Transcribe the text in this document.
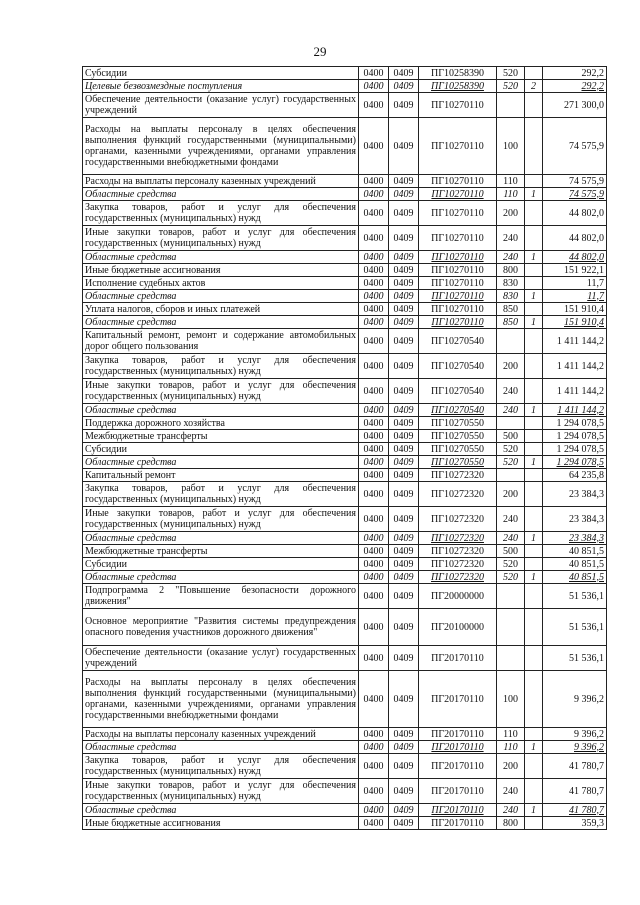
29
Субсидии	0400	0409	ПГ10258390	520		292,2
Целевые безвозмездные поступления	0400	0409	ПГ10258390	520	2	292,2
Обеспечение деятельности (оказание услуг) государственных учреждений	0400	0409	ПГ10270110			271 300,0
Расходы на выплаты персоналу в целях обеспечения выполнения функций государственными (муниципальными) органами, казенными учреждениями, органами управления государственными внебюджетными фондами	0400	0409	ПГ10270110	100		74 575,9
Расходы на выплаты персоналу казенных учреждений	0400	0409	ПГ10270110	110		74 575,9
Областные средства	0400	0409	ПГ10270110	110	1	74 575,9
Закупка товаров, работ и услуг для обеспечения государственных (муниципальных) нужд	0400	0409	ПГ10270110	200		44 802,0
Иные закупки товаров, работ и услуг для обеспечения государственных (муниципальных) нужд	0400	0409	ПГ10270110	240		44 802,0
Областные средства	0400	0409	ПГ10270110	240	1	44 802,0
Иные бюджетные ассигнования	0400	0409	ПГ10270110	800		151 922,1
Исполнение судебных актов	0400	0409	ПГ10270110	830		11,7
Областные средства	0400	0409	ПГ10270110	830	1	11,7
Уплата налогов, сборов и иных платежей	0400	0409	ПГ10270110	850		151 910,4
Областные средства	0400	0409	ПГ10270110	850	1	151 910,4
Капитальный ремонт, ремонт и содержание автомобильных дорог общего пользования	0400	0409	ПГ10270540			1 411 144,2
Закупка товаров, работ и услуг для обеспечения государственных (муниципальных) нужд	0400	0409	ПГ10270540	200		1 411 144,2
Иные закупки товаров, работ и услуг для обеспечения государственных (муниципальных) нужд	0400	0409	ПГ10270540	240		1 411 144,2
Областные средства	0400	0409	ПГ10270540	240	1	1 411 144,2
Поддержка дорожного хозяйства	0400	0409	ПГ10270550			1 294 078,5
Межбюджетные трансферты	0400	0409	ПГ10270550	500		1 294 078,5
Субсидии	0400	0409	ПГ10270550	520		1 294 078,5
Областные средства	0400	0409	ПГ10270550	520	1	1 294 078,5
Капитальный ремонт	0400	0409	ПГ10272320			64 235,8
Закупка товаров, работ и услуг для обеспечения государственных (муниципальных) нужд	0400	0409	ПГ10272320	200		23 384,3
Иные закупки товаров, работ и услуг для обеспечения государственных (муниципальных) нужд	0400	0409	ПГ10272320	240		23 384,3
Областные средства	0400	0409	ПГ10272320	240	1	23 384,3
Межбюджетные трансферты	0400	0409	ПГ10272320	500		40 851,5
Субсидии	0400	0409	ПГ10272320	520		40 851,5
Областные средства	0400	0409	ПГ10272320	520	1	40 851,5
Подпрограмма 2 "Повышение безопасности дорожного движения"	0400	0409	ПГ20000000			51 536,1
Основное мероприятие "Развития системы предупреждения опасного поведения участников дорожного движения"	0400	0409	ПГ20100000			51 536,1
Обеспечение деятельности (оказание услуг) государственных учреждений	0400	0409	ПГ20170110			51 536,1
Расходы на выплаты персоналу в целях обеспечения выполнения функций государственными (муниципальными) органами, казенными учреждениями, органами управления государственными внебюджетными фондами	0400	0409	ПГ20170110	100		9 396,2
Расходы на выплаты персоналу казенных учреждений	0400	0409	ПГ20170110	110		9 396,2
Областные средства	0400	0409	ПГ20170110	110	1	9 396,2
Закупка товаров, работ и услуг для обеспечения государственных (муниципальных) нужд	0400	0409	ПГ20170110	200		41 780,7
Иные закупки товаров, работ и услуг для обеспечения государственных (муниципальных) нужд	0400	0409	ПГ20170110	240		41 780,7
Областные средства	0400	0409	ПГ20170110	240	1	41 780,7
Иные бюджетные ассигнования	0400	0409	ПГ20170110	800		359,3
